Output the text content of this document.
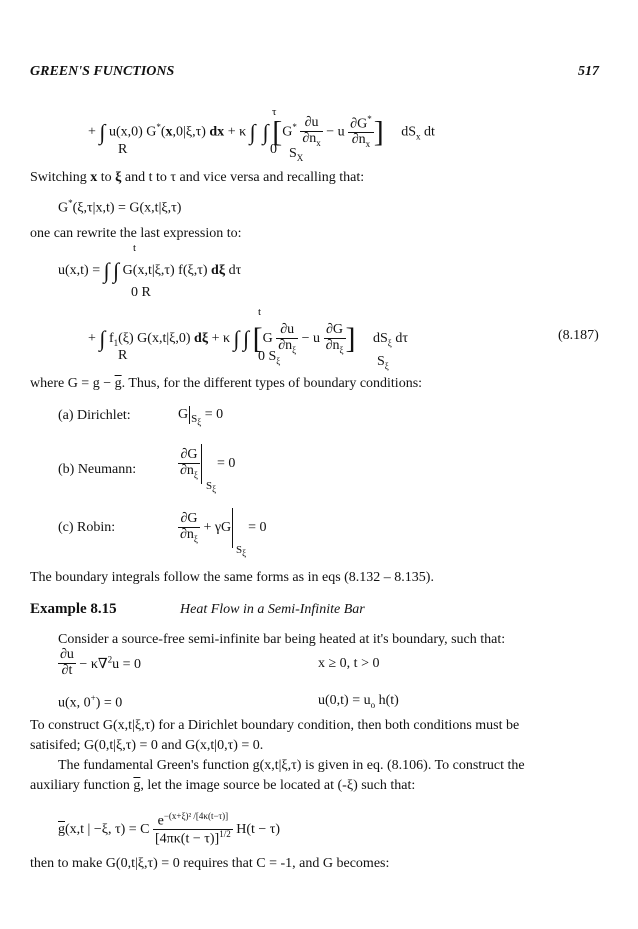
GREEN'S FUNCTIONS	517
+ ∫ u(x,0) G*(x,0|ξ,τ) dx + κ ∫ ∫ [$G^* \frac{\partial u}{\partial n_x} - u \frac{\partial G^*}{\partial n_x}$ ] $dS_x$ dt
τ
R	0 $S_X$
Switching x to ξ and t to τ and vice versa and recalling that:
G*(ξ,τ|x,t) = G(x,t|ξ,τ)
one can rewrite the last expression to:
t
u(x,t) = ∫ ∫ G(x,t|ξ,τ) f(ξ,τ) dξ dτ
0 R
t
+ ∫ $f_1(\xi)$ G(x,t|ξ,0) dξ + κ ∫ ∫ [$G \frac{\partial u}{\partial n_\xi} - u \frac{\partial G}{\partial n_\xi}$ ] $dS_\xi$ dτ
R	0 $S_\xi$	$S_\xi$
(8.187)
where $G = g - \overline{g}$. Thus, for the different types of boundary conditions:
(a) Dirichlet:	G $_{S_\xi}$ = 0
(b) Neumann:	$\frac{\partial G}{\partial n_\xi} = 0$
$S_\xi$
(c) Robin:	$\frac{\partial G}{\partial n_\xi} + \gamma G$    = 0
$S_\xi$
The boundary integrals follow the same forms as in eqs (8.132 – 8.135).
Example 8.15	Heat Flow in a Semi-Infinite Bar
Consider a source-free semi-infinite bar being heated at it's boundary, such that:
$\frac{\partial u}{\partial t} - \kappa\nabla^2u = 0$	x ≥ 0, t > 0
u(x, 0+) = 0	$u(0,t) = u_o$ h(t)
To construct G(x,t|ξ,τ) for a Dirichlet boundary condition, then both conditions must be
satisifed; G(0,t|ξ,τ) = 0 and G(x,t|0,τ) = 0.
The fundamental Green's function g(x,t|ξ,τ) is given in eq. (8.106). To construct the
auxiliary function $\overline{g}$, let the image source be located at (-ξ) such that:
$\overline{g}(x,t$ | −ξ, τ) = C $\frac{e^{-(x+\xi)^2 /[4\kappa(t-\tau)]}}{[4\pi\kappa(t - \tau)]^{1/2}} H(t - \tau)$
then to make G(0,t|ξ,τ) = 0 requires that C = -1, and G becomes:
